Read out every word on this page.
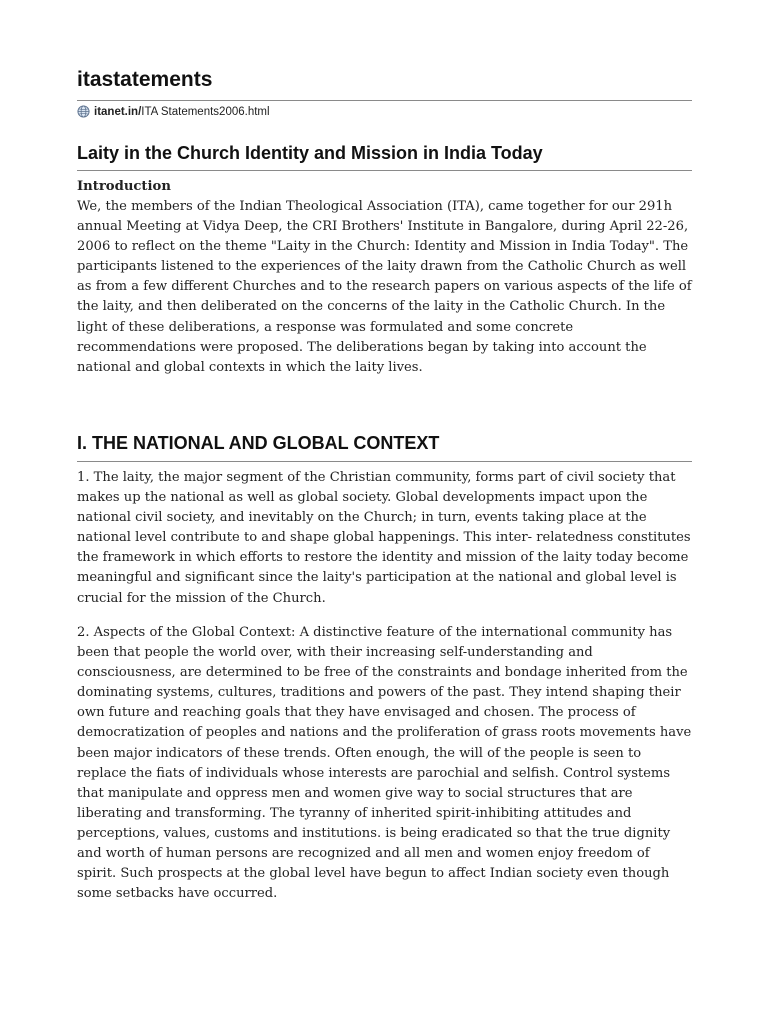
itastatements
itanet.in/ ITA Statements2006.html
Laity in the Church Identity and Mission in India Today
Introduction

We, the members of the Indian Theological Association (ITA), came together for our 291h annual Meeting at Vidya Deep, the CRI Brothers' Institute in Bangalore, during April 22-26, 2006 to reflect on the theme "Laity in the Church: Identity and Mission in India Today". The participants listened to the experiences of the laity drawn from the Catholic Church as well as from a few different Churches and to the research papers on various aspects of the life of the laity, and then deliberated on the concerns of the laity in the Catholic Church. In the light of these deliberations, a response was formulated and some concrete recommendations were proposed. The deliberations began by taking into account the national and global contexts in which the laity lives.

I. THE NATIONAL AND GLOBAL CONTEXT

1. The laity, the major segment of the Christian community, forms part of civil society that makes up the national as well as global society. Global developments impact upon the national civil society, and inevitably on the Church; in turn, events taking place at the national level contribute to and shape global happenings. This inter- relatedness constitutes the framework in which efforts to restore the identity and mission of the laity today become meaningful and significant since the laity's participation at the national and global level is crucial for the mission of the Church.

2. Aspects of the Global Context: A distinctive feature of the international community has been that people the world over, with their increasing self-understanding and consciousness, are determined to be free of the constraints and bondage inherited from the dominating systems, cultures, traditions and powers of the past. They intend shaping their own future and reaching goals that they have envisaged and chosen. The process of democratization of peoples and nations and the proliferation of grass roots movements have been major indicators of these trends. Often enough, the will of the people is seen to replace the fiats of individuals whose interests are parochial and selfish. Control systems that manipulate and oppress men and women give way to social structures that are liberating and transforming. The tyranny of inherited spirit-inhibiting attitudes and perceptions, values, customs and institutions. is being eradicated so that the true dignity and worth of human persons are recognized and all men and women enjoy freedom of spirit. Such prospects at the global level have begun to affect Indian society even though some setbacks have occurred.
